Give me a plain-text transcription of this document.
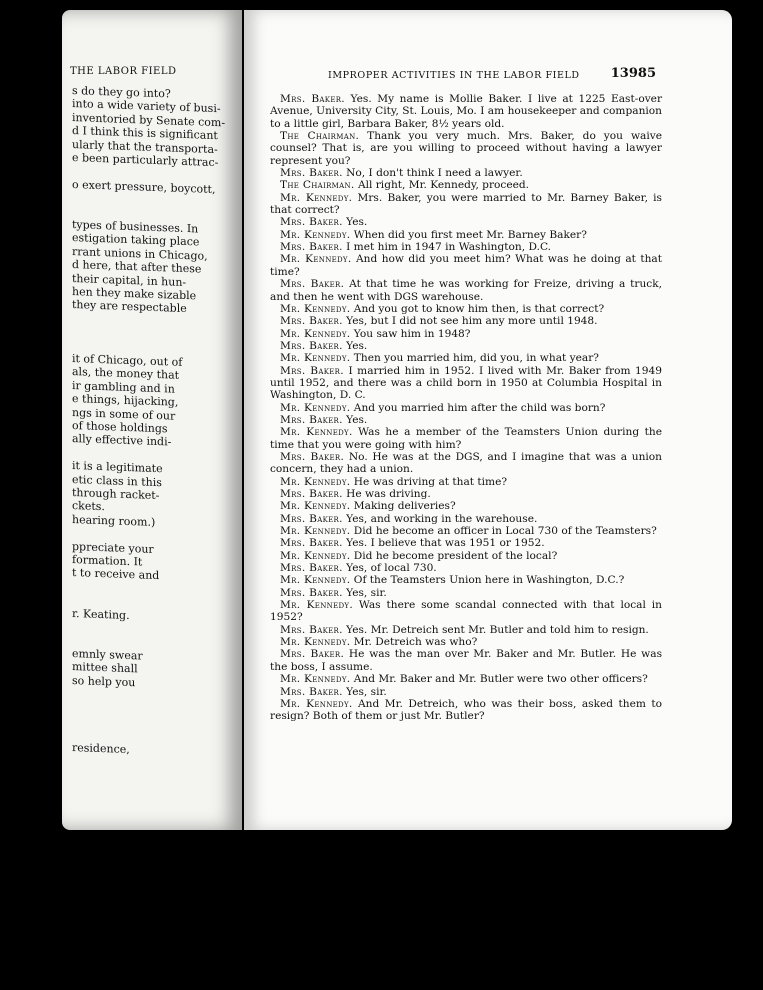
THE LABOR FIELD
s do they go into?
into a wide variety of busi-
inventoried by Senate com-
d I think this is significant
ularly that the transporta-
e been particularly attrac-
o exert pressure, boycott,
types of businesses. In
estigation taking place
rrant unions in Chicago,
d here, that after these
their capital, in hun-
hen they make sizable
they are respectable
it of Chicago, out of
als, the money that
ir gambling and in
e things, hijacking,
ngs in some of our
of those holdings
ally effective indi-
it is a legitimate
etic class in this
through racket-
ckets.
hearing room.)
ppreciate your
formation. It
t to receive and
r. Keating.
emnly swear
mittee shall
so help you
residence,
IMPROPER ACTIVITIES IN THE LABOR FIELD 13985

Mrs. Baker. Yes. My name is Mollie Baker. I live at 1225 East-over Avenue, University City, St. Louis, Mo. I am housekeeper and companion to a little girl, Barbara Baker, 8½ years old.

The Chairman. Thank you very much. Mrs. Baker, do you waive counsel? That is, are you willing to proceed without having a lawyer represent you?

Mrs. Baker. No, I don't think I need a lawyer.

The Chairman. All right, Mr. Kennedy, proceed.

Mr. Kennedy. Mrs. Baker, you were married to Mr. Barney Baker, is that correct?

Mrs. Baker. Yes.

Mr. Kennedy. When did you first meet Mr. Barney Baker?

Mrs. Baker. I met him in 1947 in Washington, D.C.

Mr. Kennedy. And how did you meet him? What was he doing at that time?

Mrs. Baker. At that time he was working for Freize, driving a truck, and then he went with DGS warehouse.

Mr. Kennedy. And you got to know him then, is that correct?

Mrs. Baker. Yes, but I did not see him any more until 1948.

Mr. Kennedy. You saw him in 1948?

Mrs. Baker. Yes.

Mr. Kennedy. Then you married him, did you, in what year?

Mrs. Baker. I married him in 1952. I lived with Mr. Baker from 1949 until 1952, and there was a child born in 1950 at Columbia Hospital in Washington, D. C.

Mr. Kennedy. And you married him after the child was born?

Mrs. Baker. Yes.

Mr. Kennedy. Was he a member of the Teamsters Union during the time that you were going with him?

Mrs. Baker. No. He was at the DGS, and I imagine that was a union concern, they had a union.

Mr. Kennedy. He was driving at that time?

Mrs. Baker. He was driving.

Mr. Kennedy. Making deliveries?

Mrs. Baker. Yes, and working in the warehouse.

Mr. Kennedy. Did he become an officer in Local 730 of the Teamsters?

Mrs. Baker. Yes. I believe that was 1951 or 1952.

Mr. Kennedy. Did he become president of the local?

Mrs. Baker. Yes, of local 730.

Mr. Kennedy. Of the Teamsters Union here in Washington, D.C.?

Mrs. Baker. Yes, sir.

Mr. Kennedy. Was there some scandal connected with that local in 1952?

Mrs. Baker. Yes. Mr. Detreich sent Mr. Butler and told him to resign.

Mr. Kennedy. Mr. Detreich was who?

Mrs. Baker. He was the man over Mr. Baker and Mr. Butler. He was the boss, I assume.

Mr. Kennedy. And Mr. Baker and Mr. Butler were two other officers?

Mrs. Baker. Yes, sir.

Mr. Kennedy. And Mr. Detreich, who was their boss, asked them to resign? Both of them or just Mr. Butler?
